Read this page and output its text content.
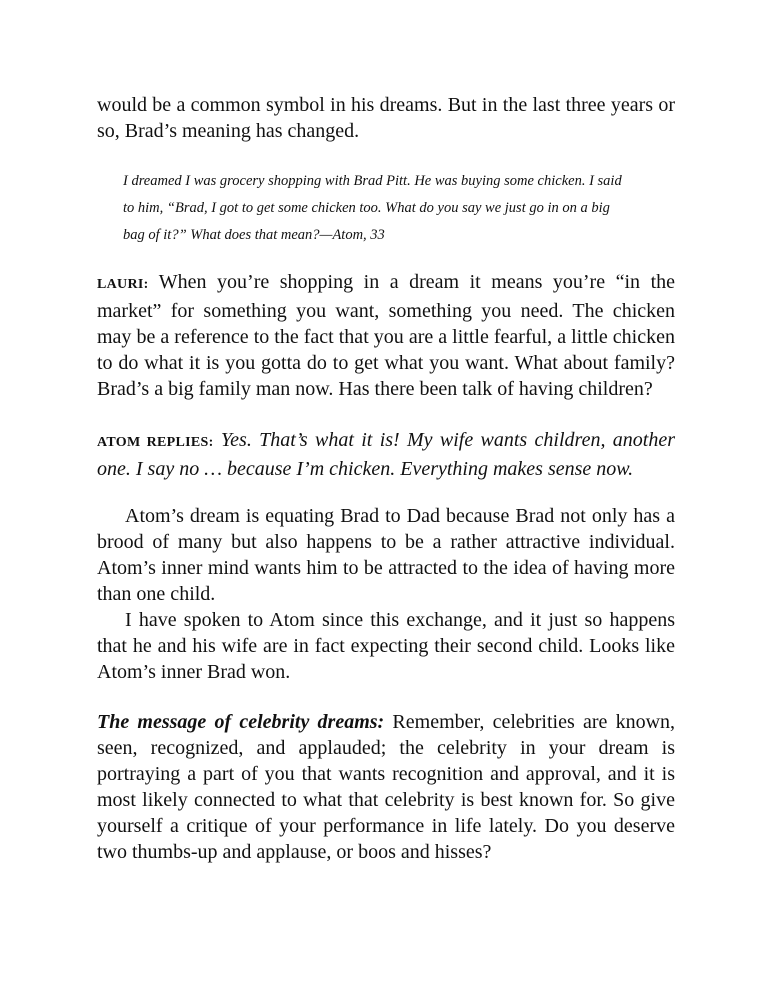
would be a common symbol in his dreams. But in the last three years or so, Brad’s meaning has changed.

I dreamed I was grocery shopping with Brad Pitt. He was buying some chicken. I said to him, “Brad, I got to get some chicken too. What do you say we just go in on a big bag of it?” What does that mean?—Atom, 33

LAURI: When you’re shopping in a dream it means you’re “in the market” for something you want, something you need. The chicken may be a reference to the fact that you are a little fearful, a little chicken to do what it is you gotta do to get what you want. What about family? Brad’s a big family man now. Has there been talk of having children?

ATOM REPLIES: Yes. That’s what it is! My wife wants children, another one. I say no … because I’m chicken. Everything makes sense now.

Atom’s dream is equating Brad to Dad because Brad not only has a brood of many but also happens to be a rather attractive individual. Atom’s inner mind wants him to be attracted to the idea of having more than one child.

I have spoken to Atom since this exchange, and it just so happens that he and his wife are in fact expecting their second child. Looks like Atom’s inner Brad won.

The message of celebrity dreams: Remember, celebrities are known, seen, recognized, and applauded; the celebrity in your dream is portraying a part of you that wants recognition and approval, and it is most likely connected to what that celebrity is best known for. So give yourself a critique of your performance in life lately. Do you deserve two thumbs-up and applause, or boos and hisses?
